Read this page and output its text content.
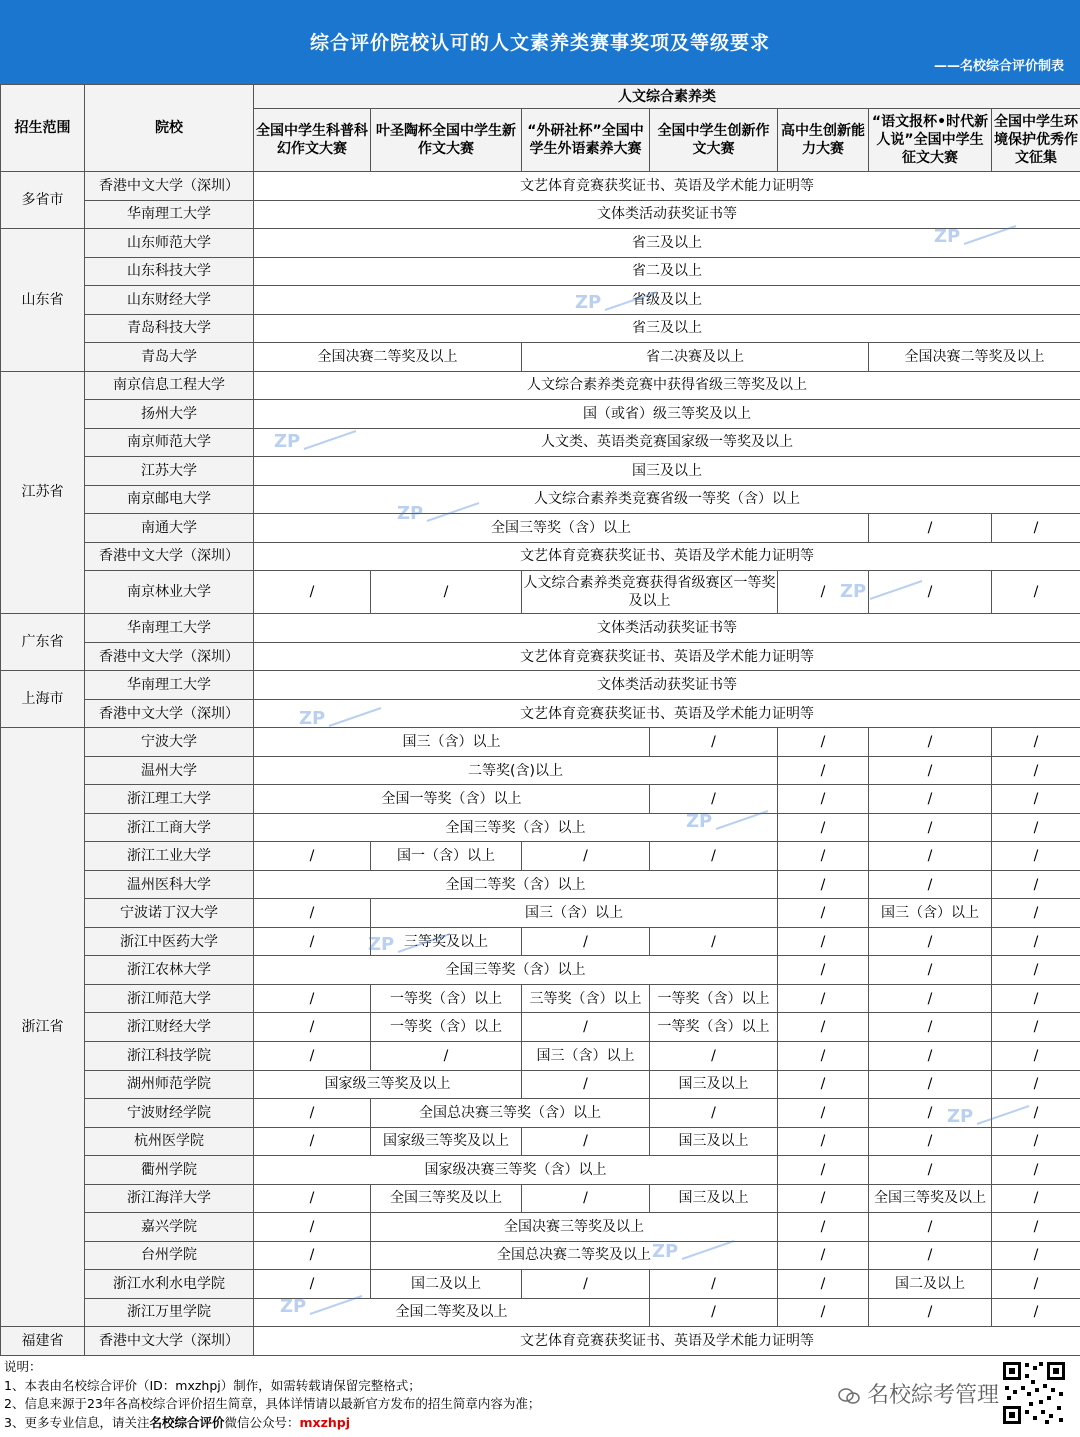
综合评价院校认可的人文素养类赛事奖项及等级要求
——名校综合评价制表
招生范围	院校	人文综合素养类						
		全国中学生科普科幻作文大赛	叶圣陶杯全国中学生新作文大赛	“外研社杯”全国中学生外语素养大赛	全国中学生创新作文大赛	高中生创新能力大赛	“语文报杯•时代新人说”全国中学生征文大赛	全国中学生环境保护优秀作文征集
多省市	香港中文大学（深圳）	文艺体育竞赛获奖证书、英语及学术能力证明等						
	华南理工大学	文体类活动获奖证书等						
山东省	山东师范大学	省三及以上						
	山东科技大学	省二及以上						
	山东财经大学	省级及以上						
	青岛科技大学	省三及以上						
	青岛大学	全国决赛二等奖及以上		省二决赛及以上			全国决赛二等奖及以上	
江苏省	南京信息工程大学	人文综合素养类竞赛中获得省级三等奖及以上						
	扬州大学	国（或省）级三等奖及以上						
	南京师范大学	人文类、英语类竞赛国家级一等奖及以上						
	江苏大学	国三及以上						
	南京邮电大学	人文综合素养类竞赛省级一等奖（含）以上						
	南通大学	全国三等奖（含）以上					/	/
	香港中文大学（深圳）	文艺体育竞赛获奖证书、英语及学术能力证明等						
	南京林业大学	/	/	人文综合素养类竞赛获得省级赛区一等奖及以上		/	/	/
广东省	华南理工大学	文体类活动获奖证书等						
	香港中文大学（深圳）	文艺体育竞赛获奖证书、英语及学术能力证明等						
上海市	华南理工大学	文体类活动获奖证书等						
	香港中文大学（深圳）	文艺体育竞赛获奖证书、英语及学术能力证明等						
浙江省	宁波大学	国三（含）以上			/	/	/	/
	温州大学	二等奖(含)以上				/	/	/
	浙江理工大学	全国一等奖（含）以上			/	/	/	/
	浙江工商大学	全国三等奖（含）以上				/	/	/
	浙江工业大学	/	国一（含）以上	/	/	/	/	/
	温州医科大学	全国二等奖（含）以上				/	/	/
	宁波诺丁汉大学	/	国三（含）以上			/	国三（含）以上	/
	浙江中医药大学	/	三等奖及以上	/	/	/	/	/
	浙江农林大学	全国三等奖（含）以上				/	/	/
	浙江师范大学	/	一等奖（含）以上	三等奖（含）以上	一等奖（含）以上	/	/	/
	浙江财经大学	/	一等奖（含）以上	/	一等奖（含）以上	/	/	/
	浙江科技学院	/	/	国三（含）以上	/	/	/	/
	湖州师范学院	国家级三等奖及以上		/	国三及以上	/	/	/
	宁波财经学院	/	全国总决赛三等奖（含）以上		/	/	/	/
	杭州医学院	/	国家级三等奖及以上	/	国三及以上	/	/	/
	衢州学院	国家级决赛三等奖（含）以上				/	/	/
	浙江海洋大学	/	全国三等奖及以上	/	国三及以上	/	全国三等奖及以上	/
	嘉兴学院	/	全国决赛三等奖及以上			/	/	/
	台州学院	/	全国总决赛二等奖及以上			/	/	/
	浙江水利水电学院	/	国二及以上	/	/	/	国二及以上	/
	浙江万里学院	全国二等奖及以上			/	/	/	/
福建省	香港中文大学（深圳）	文艺体育竞赛获奖证书、英语及学术能力证明等						
说明：
1、本表由名校综合评价（ID：mxzhpj）制作，如需转载请保留完整格式；
2、信息来源于23年各高校综合评价招生简章，具体详情请以最新官方发布的招生简章内容为准；
3、更多专业信息，请关注名校综合评价微信公众号：mxzhpj
名校綜考管理
ZP
ZP
ZP
ZP
ZP
ZP
ZP
ZP
ZP
ZP
ZP
